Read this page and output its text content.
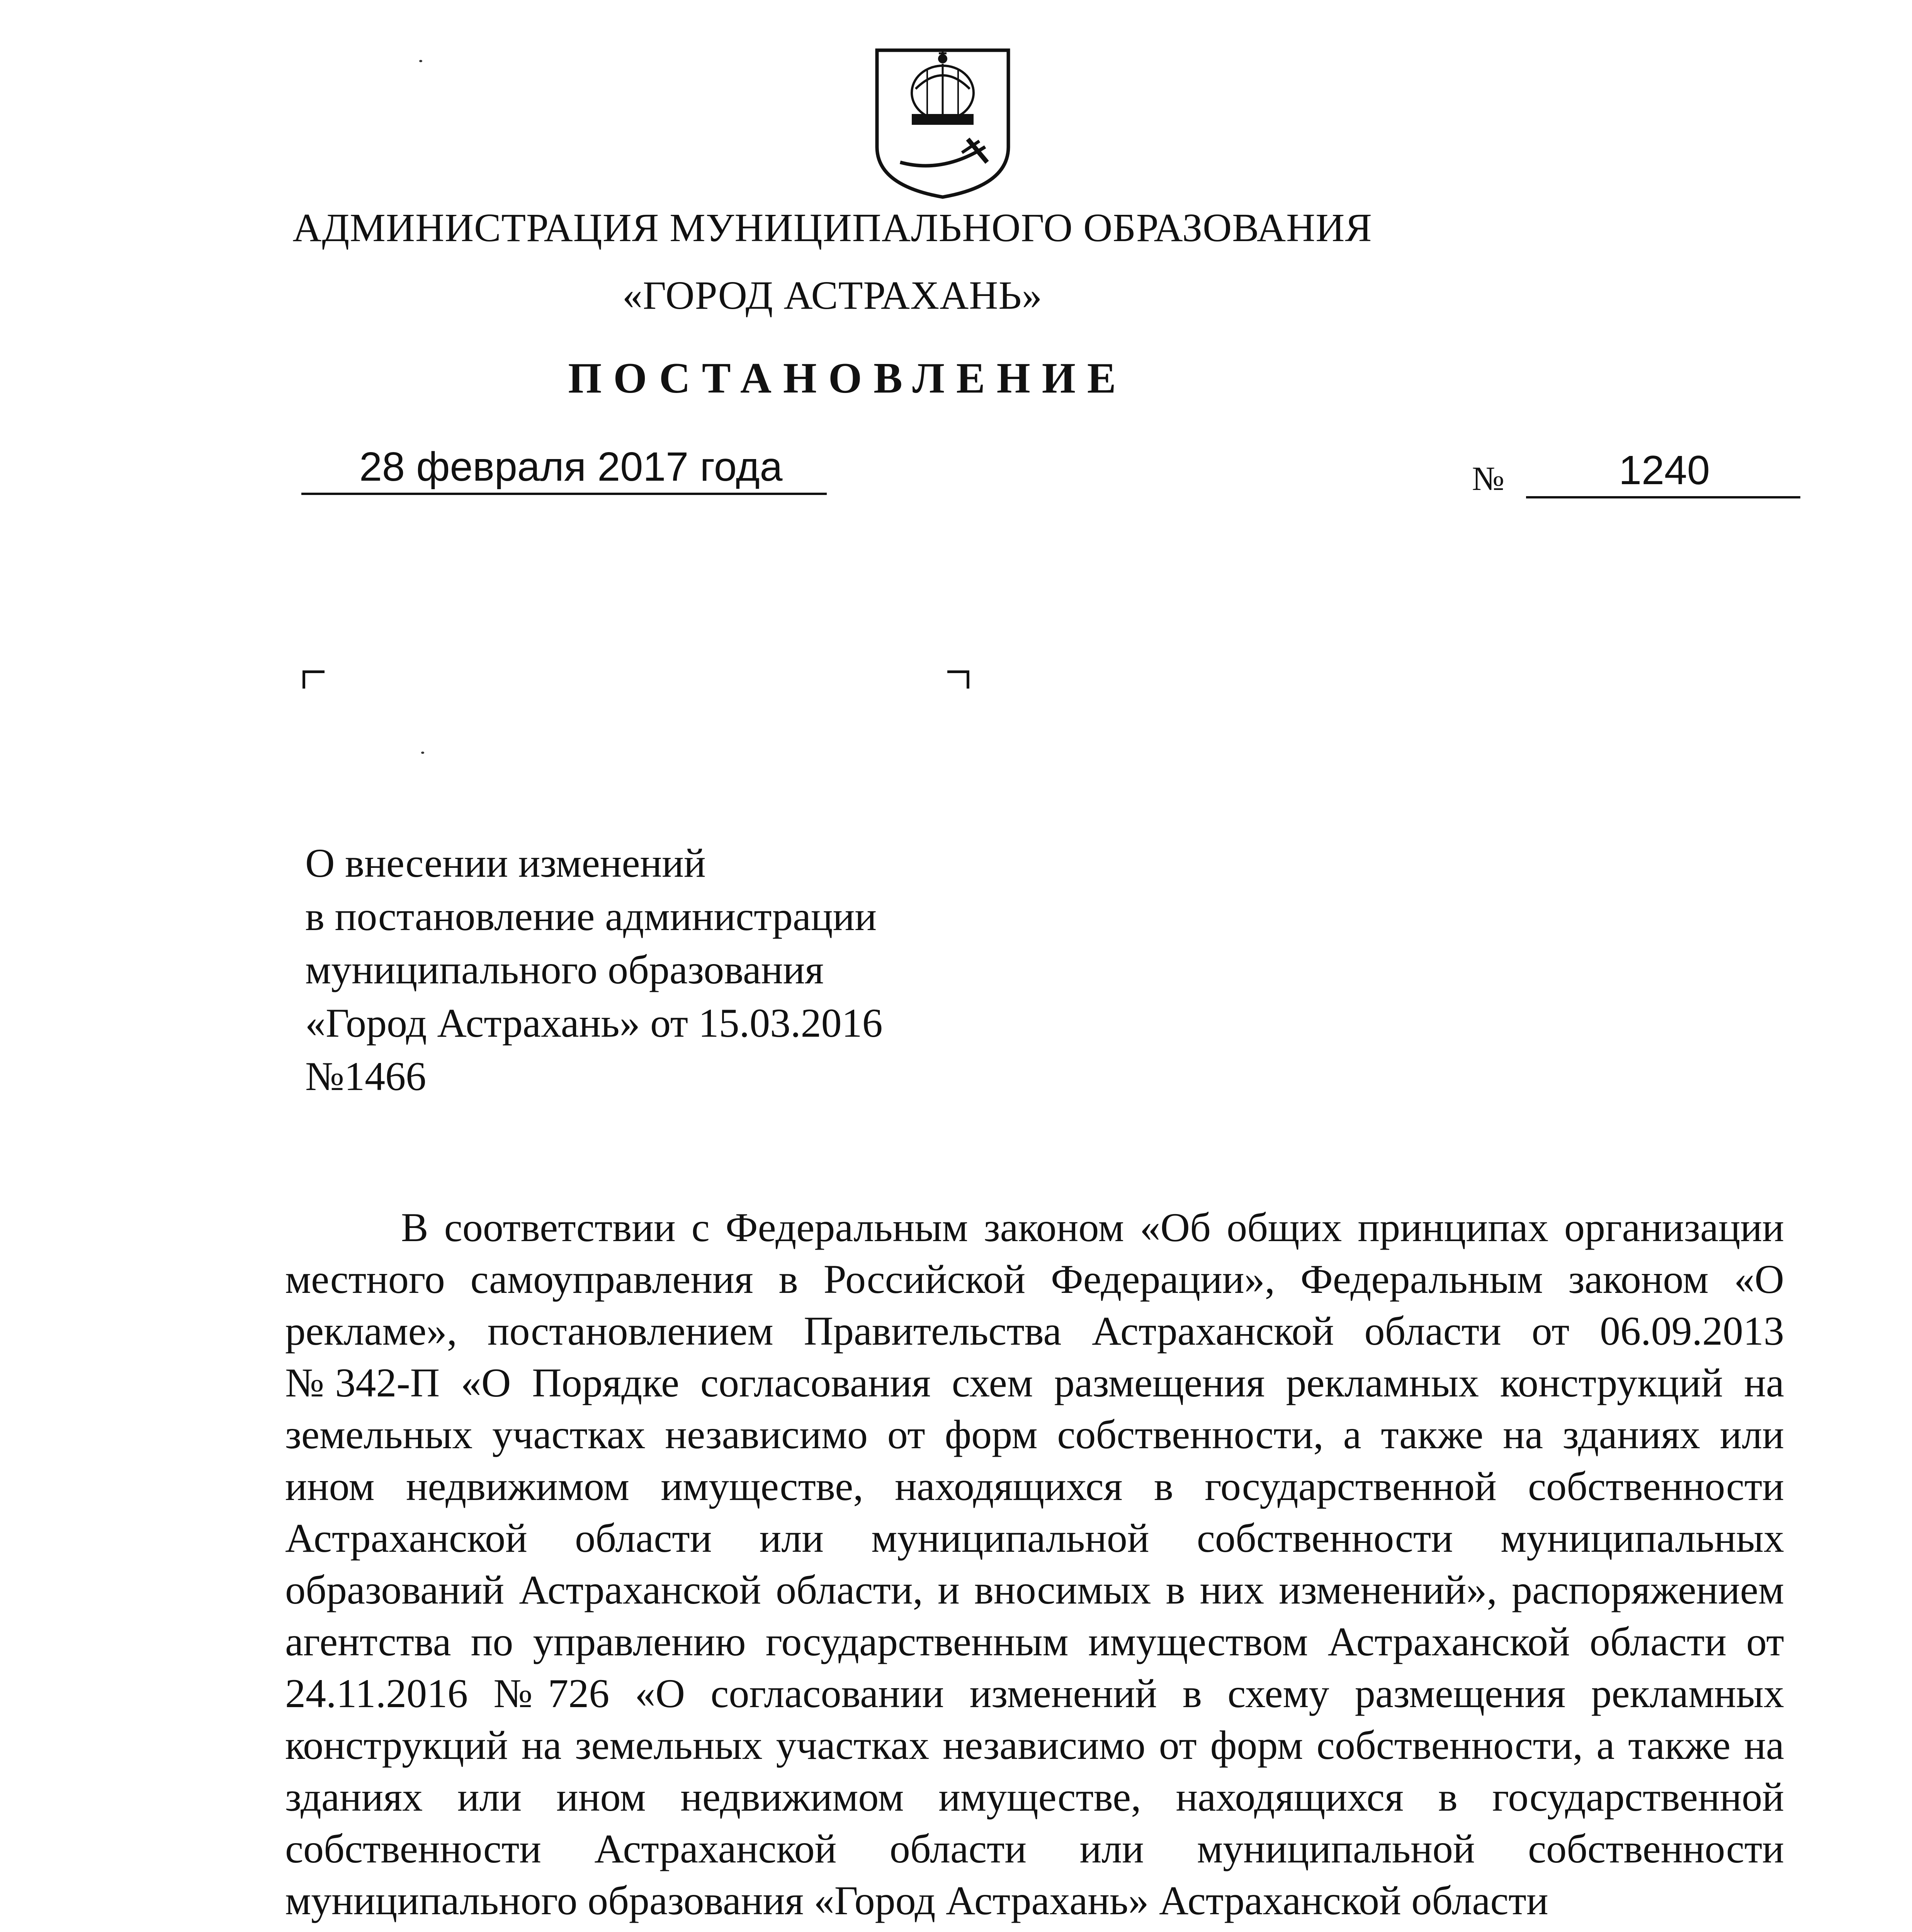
АДМИНИСТРАЦИЯ МУНИЦИПАЛЬНОГО ОБРАЗОВАНИЯ
«ГОРОД АСТРАХАНЬ»
ПОСТАНОВЛЕНИЕ
28 февраля 2017 года	№	1240
О внесении изменений
в постановление администрации
муниципального образования
«Город Астрахань» от 15.03.2016
№1466
В соответствии с Федеральным законом «Об общих принципах организации местного самоуправления в Российской Федерации», Федеральным законом «О рекламе», постановлением Правительства Астраханской области от 06.09.2013 №342-П «О Порядке согласования схем размещения рекламных конструкций на земельных участках независимо от форм собственности, а также на зданиях или ином недвижимом имуществе, находящихся в государственной собственности Астраханской области или муниципальной собственности муниципальных образований Астраханской области, и вносимых в них изменений», распоряжением агентства по управлению государственным имуществом Астраханской области от 24.11.2016 №726 «О согласовании изменений в схему размещения рекламных конструкций на земельных участках независимо от форм собственности, а также на зданиях или ином недвижимом имуществе, находящихся в государственной собственности Астраханской области или муниципальной собственности муниципального образования «Город Астрахань» Астраханской области
